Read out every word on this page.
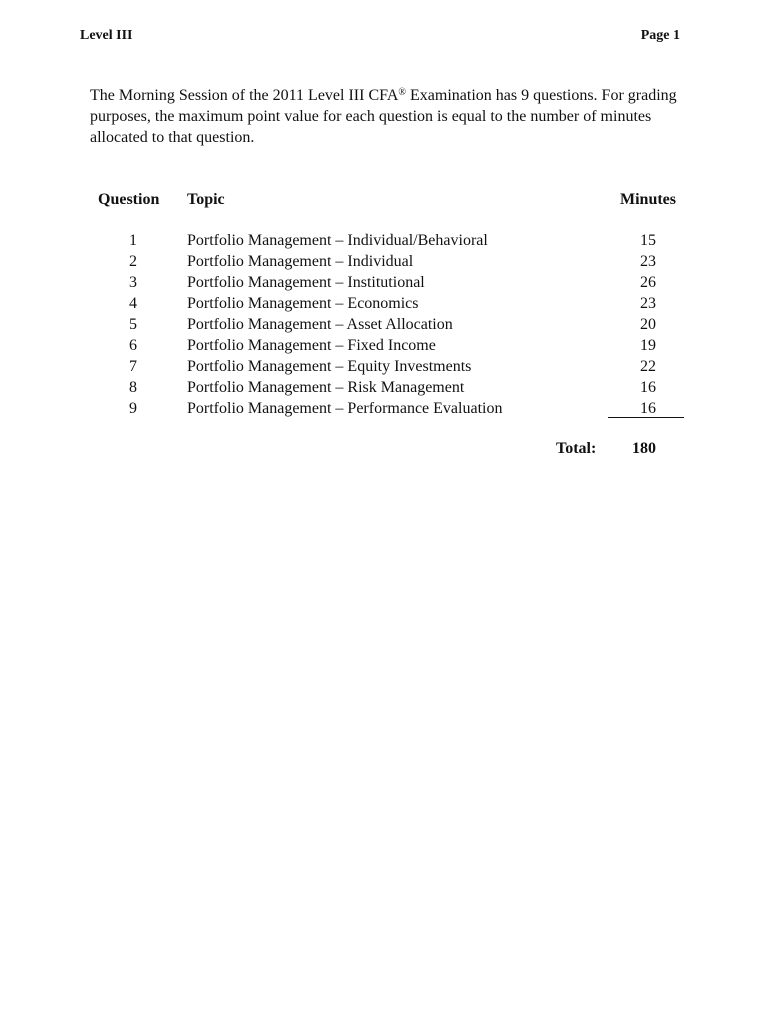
Level III	Page 1

The Morning Session of the 2011 Level III CFA® Examination has 9 questions. For grading purposes, the maximum point value for each question is equal to the number of minutes allocated to that question.

Question	Topic	Minutes
1	Portfolio Management – Individual/Behavioral	15
2	Portfolio Management – Individual	23
3	Portfolio Management – Institutional	26
4	Portfolio Management – Economics	23
5	Portfolio Management – Asset Allocation	20
6	Portfolio Management – Fixed Income	19
7	Portfolio Management – Equity Investments	22
8	Portfolio Management – Risk Management	16
9	Portfolio Management – Performance Evaluation	16
Total: 180
